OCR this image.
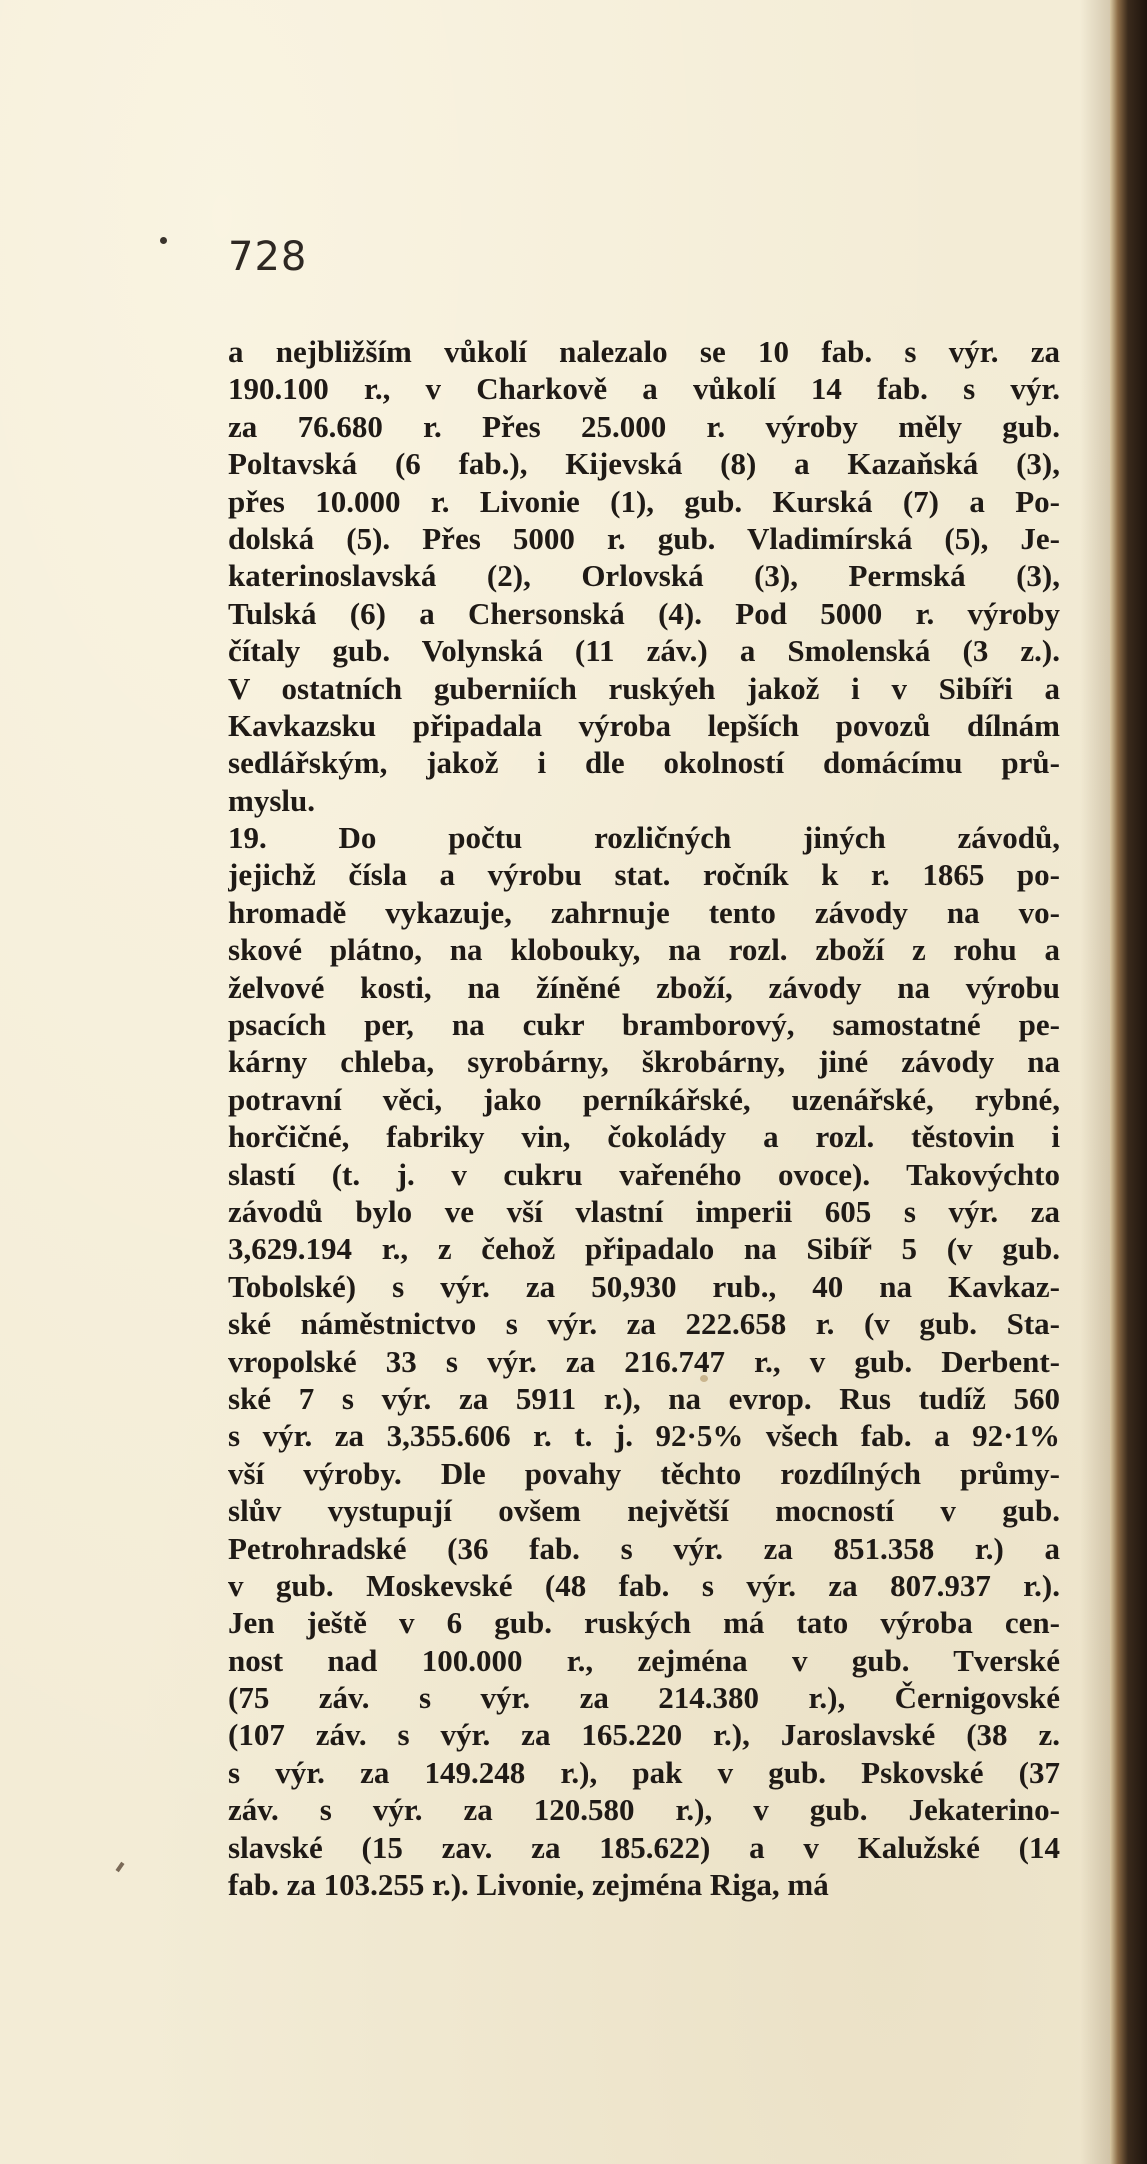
728
a nejbližším vůkolí nalezalo se 10 fab. s výr. za
190.100 r., v Charkově a vůkolí 14 fab. s výr.
za 76.680 r. Přes 25.000 r. výroby měly gub.
Poltavská (6 fab.), Kijevská (8) a Kazaňská (3),
přes 10.000 r. Livonie (1), gub. Kurská (7) a Po-
dolská (5). Přes 5000 r. gub. Vladimírská (5), Je-
katerinoslavská (2), Orlovská (3), Permská (3),
Tulská (6) a Chersonská (4). Pod 5000 r. výroby
čítaly gub. Volynská (11 záv.) a Smolenská (3 z.).
V ostatních guberniích ruskýeh jakož i v Sibíři a
Kavkazsku připadala výroba lepších povozů dílnám
sedlářským, jakož i dle okolností domácímu prů-
myslu.
19. Do počtu rozličných jiných závodů,
jejichž čísla a výrobu stat. ročník k r. 1865 po-
hromadě vykazuje, zahrnuje tento závody na vo-
skové plátno, na klobouky, na rozl. zboží z rohu a
želvové kosti, na žíněné zboží, závody na výrobu
psacích per, na cukr bramborový, samostatné pe-
kárny chleba, syrobárny, škrobárny, jiné závody na
potravní věci, jako perníkářské, uzenářské, rybné,
horčičné, fabriky vin, čokolády a rozl. těstovin i
slastí (t. j. v cukru vařeného ovoce). Takovýchto
závodů bylo ve vší vlastní imperii 605 s výr. za
3,629.194 r., z čehož připadalo na Sibíř 5 (v gub.
Tobolské) s výr. za 50,930 rub., 40 na Kavkaz-
ské náměstnictvo s výr. za 222.658 r. (v gub. Sta-
vropolské 33 s výr. za 216.747 r., v gub. Derbent-
ské 7 s výr. za 5911 r.), na evrop. Rus tudíž 560
s výr. za 3,355.606 r. t. j. 92·5% všech fab. a 92·1%
vší výroby. Dle povahy těchto rozdílných průmy-
slův vystupují ovšem největší mocností v gub.
Petrohradské (36 fab. s výr. za 851.358 r.) a
v gub. Moskevské (48 fab. s výr. za 807.937 r.).
Jen ještě v 6 gub. ruských má tato výroba cen-
nost nad 100.000 r., zejména v gub. Tverské
(75 záv. s výr. za 214.380 r.), Černigovské
(107 záv. s výr. za 165.220 r.), Jaroslavské (38 z.
s výr. za 149.248 r.), pak v gub. Pskovské (37
záv. s výr. za 120.580 r.), v gub. Jekaterino-
slavské (15 zav. za 185.622) a v Kalužské (14
fab. za 103.255 r.). Livonie, zejména Riga, má
